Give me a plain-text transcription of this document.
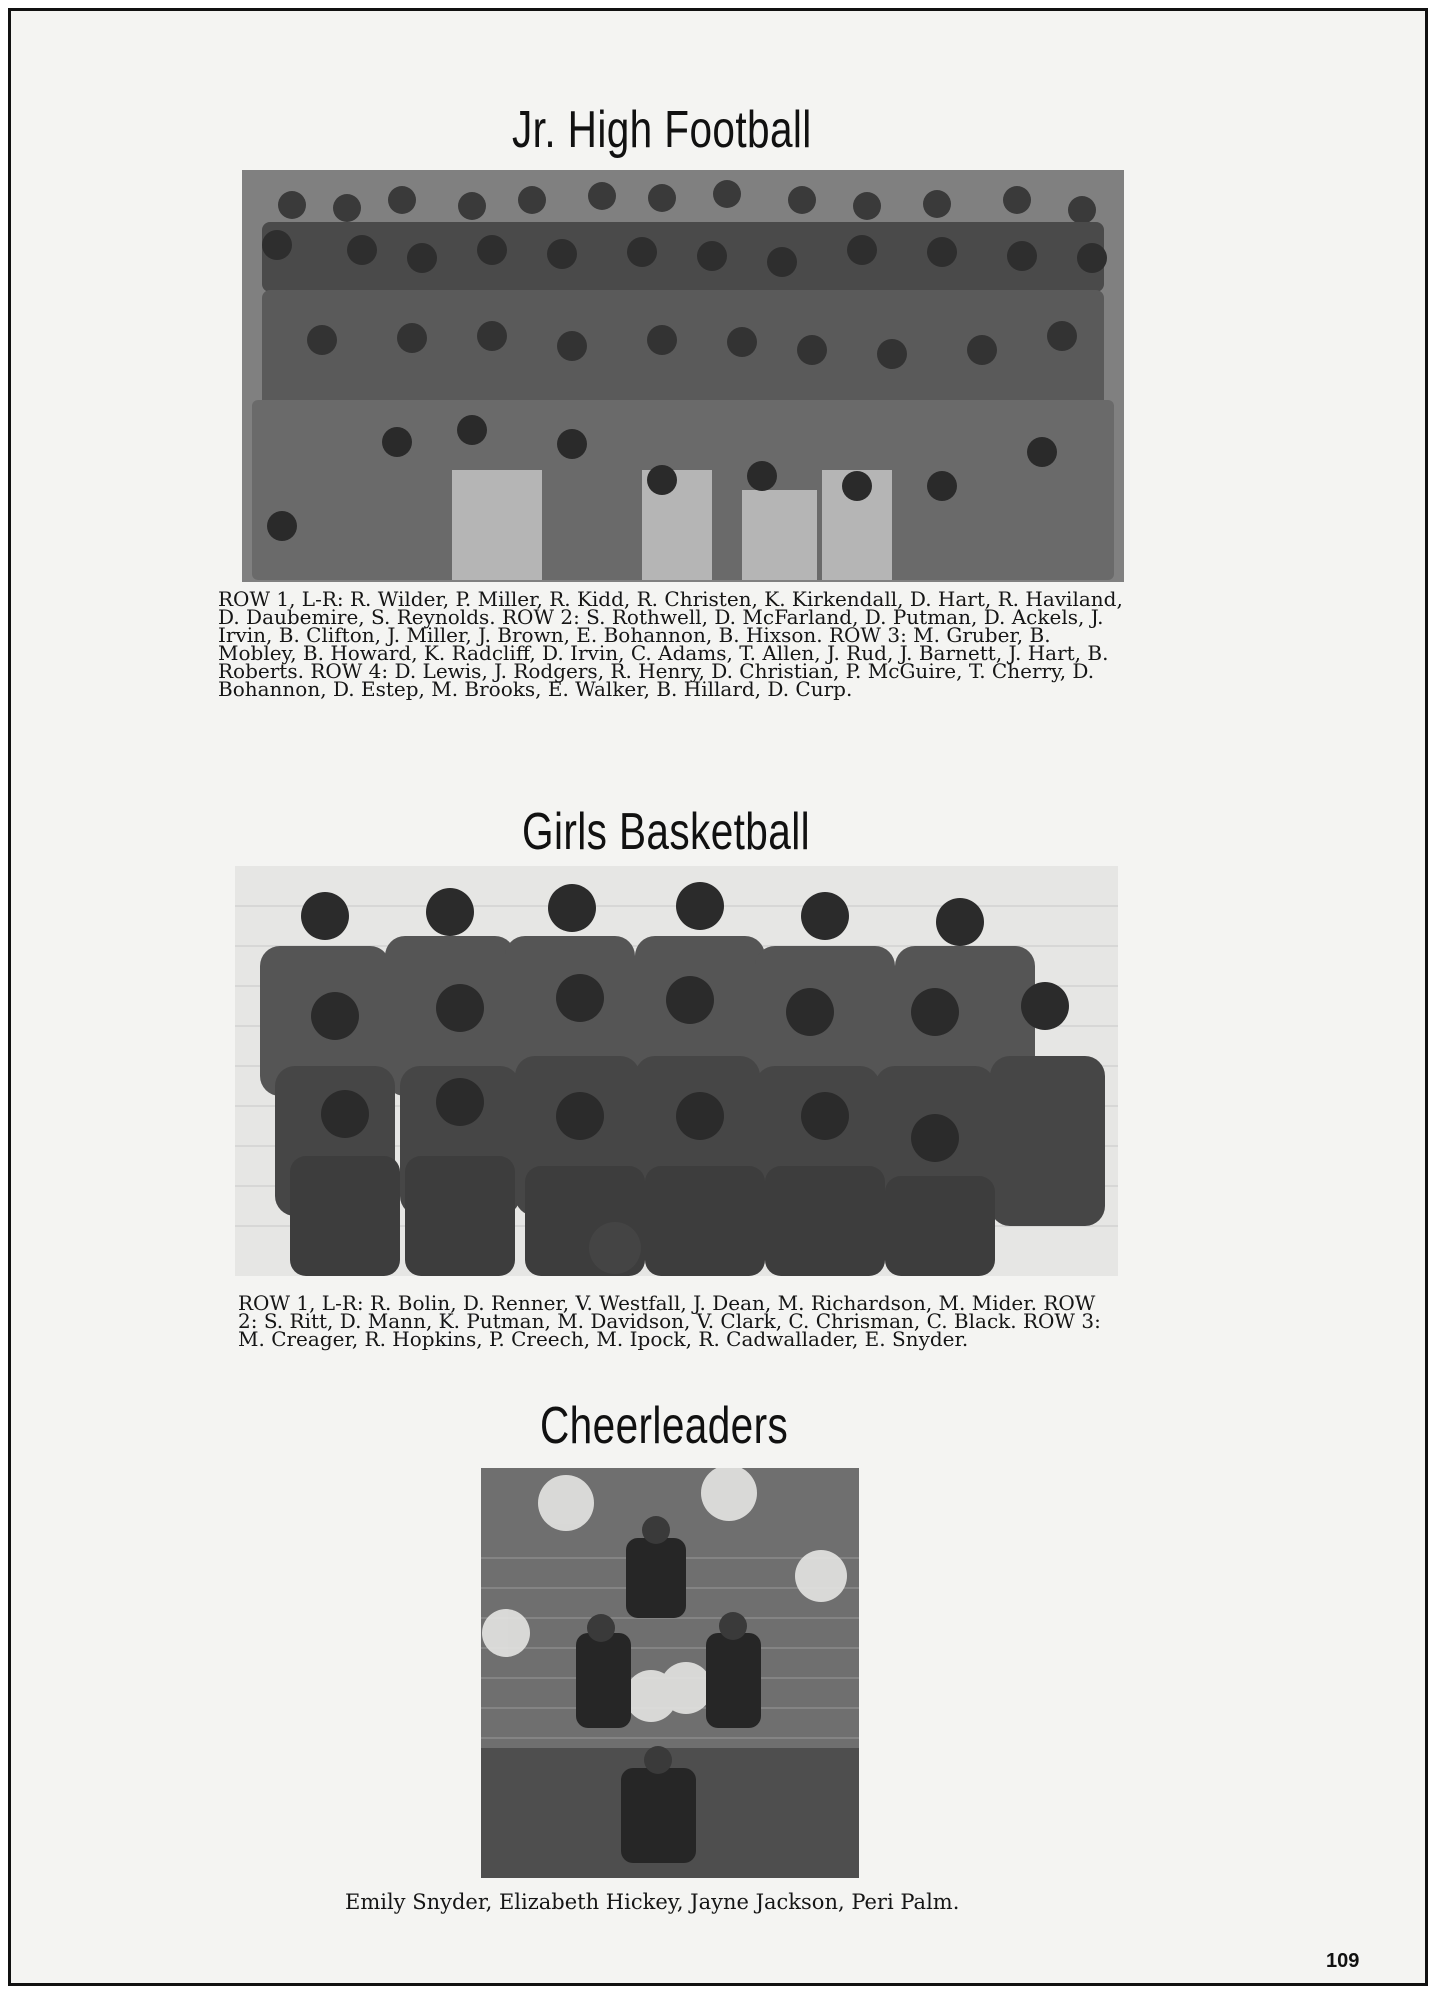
Jr. High Football
ROW 1, L-R: R. Wilder, P. Miller, R. Kidd, R. Christen, K. Kirkendall, D. Hart, R. Haviland, D. Daubemire, S. Reynolds. ROW 2: S. Rothwell, D. McFarland, D. Putman, D. Ackels, J. Irvin, B. Clifton, J. Miller, J. Brown, E. Bohannon, B. Hixson. ROW 3: M. Gruber, B. Mobley, B. Howard, K. Radcliff, D. Irvin, C. Adams, T. Allen, J. Rud, J. Barnett, J. Hart, B. Roberts. ROW 4: D. Lewis, J. Rodgers, R. Henry, D. Christian, P. McGuire, T. Cherry, D. Bohannon, D. Estep, M. Brooks, E. Walker, B. Hillard, D. Curp.
Girls Basketball
ROW 1, L-R: R. Bolin, D. Renner, V. Westfall, J. Dean, M. Richardson, M. Mider. ROW 2: S. Ritt, D. Mann, K. Putman, M. Davidson, V. Clark, C. Chrisman, C. Black. ROW 3: M. Creager, R. Hopkins, P. Creech, M. Ipock, R. Cadwallader, E. Snyder.
Cheerleaders
Emily Snyder, Elizabeth Hickey, Jayne Jackson, Peri Palm.
109
